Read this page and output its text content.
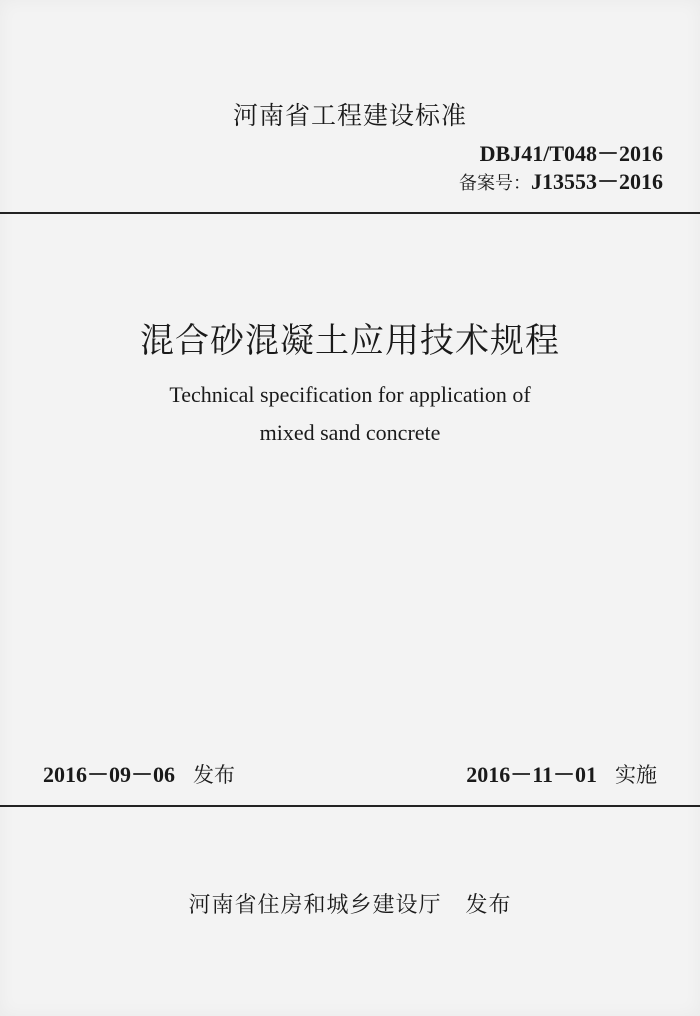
河南省工程建设标准
DBJ41/T048－2016
备案号：J13553－2016
混合砂混凝土应用技术规程
Technical specification for application of
mixed sand concrete
2016－09－06 发布	2016－11－01 实施
河南省住房和城乡建设厅 发布
